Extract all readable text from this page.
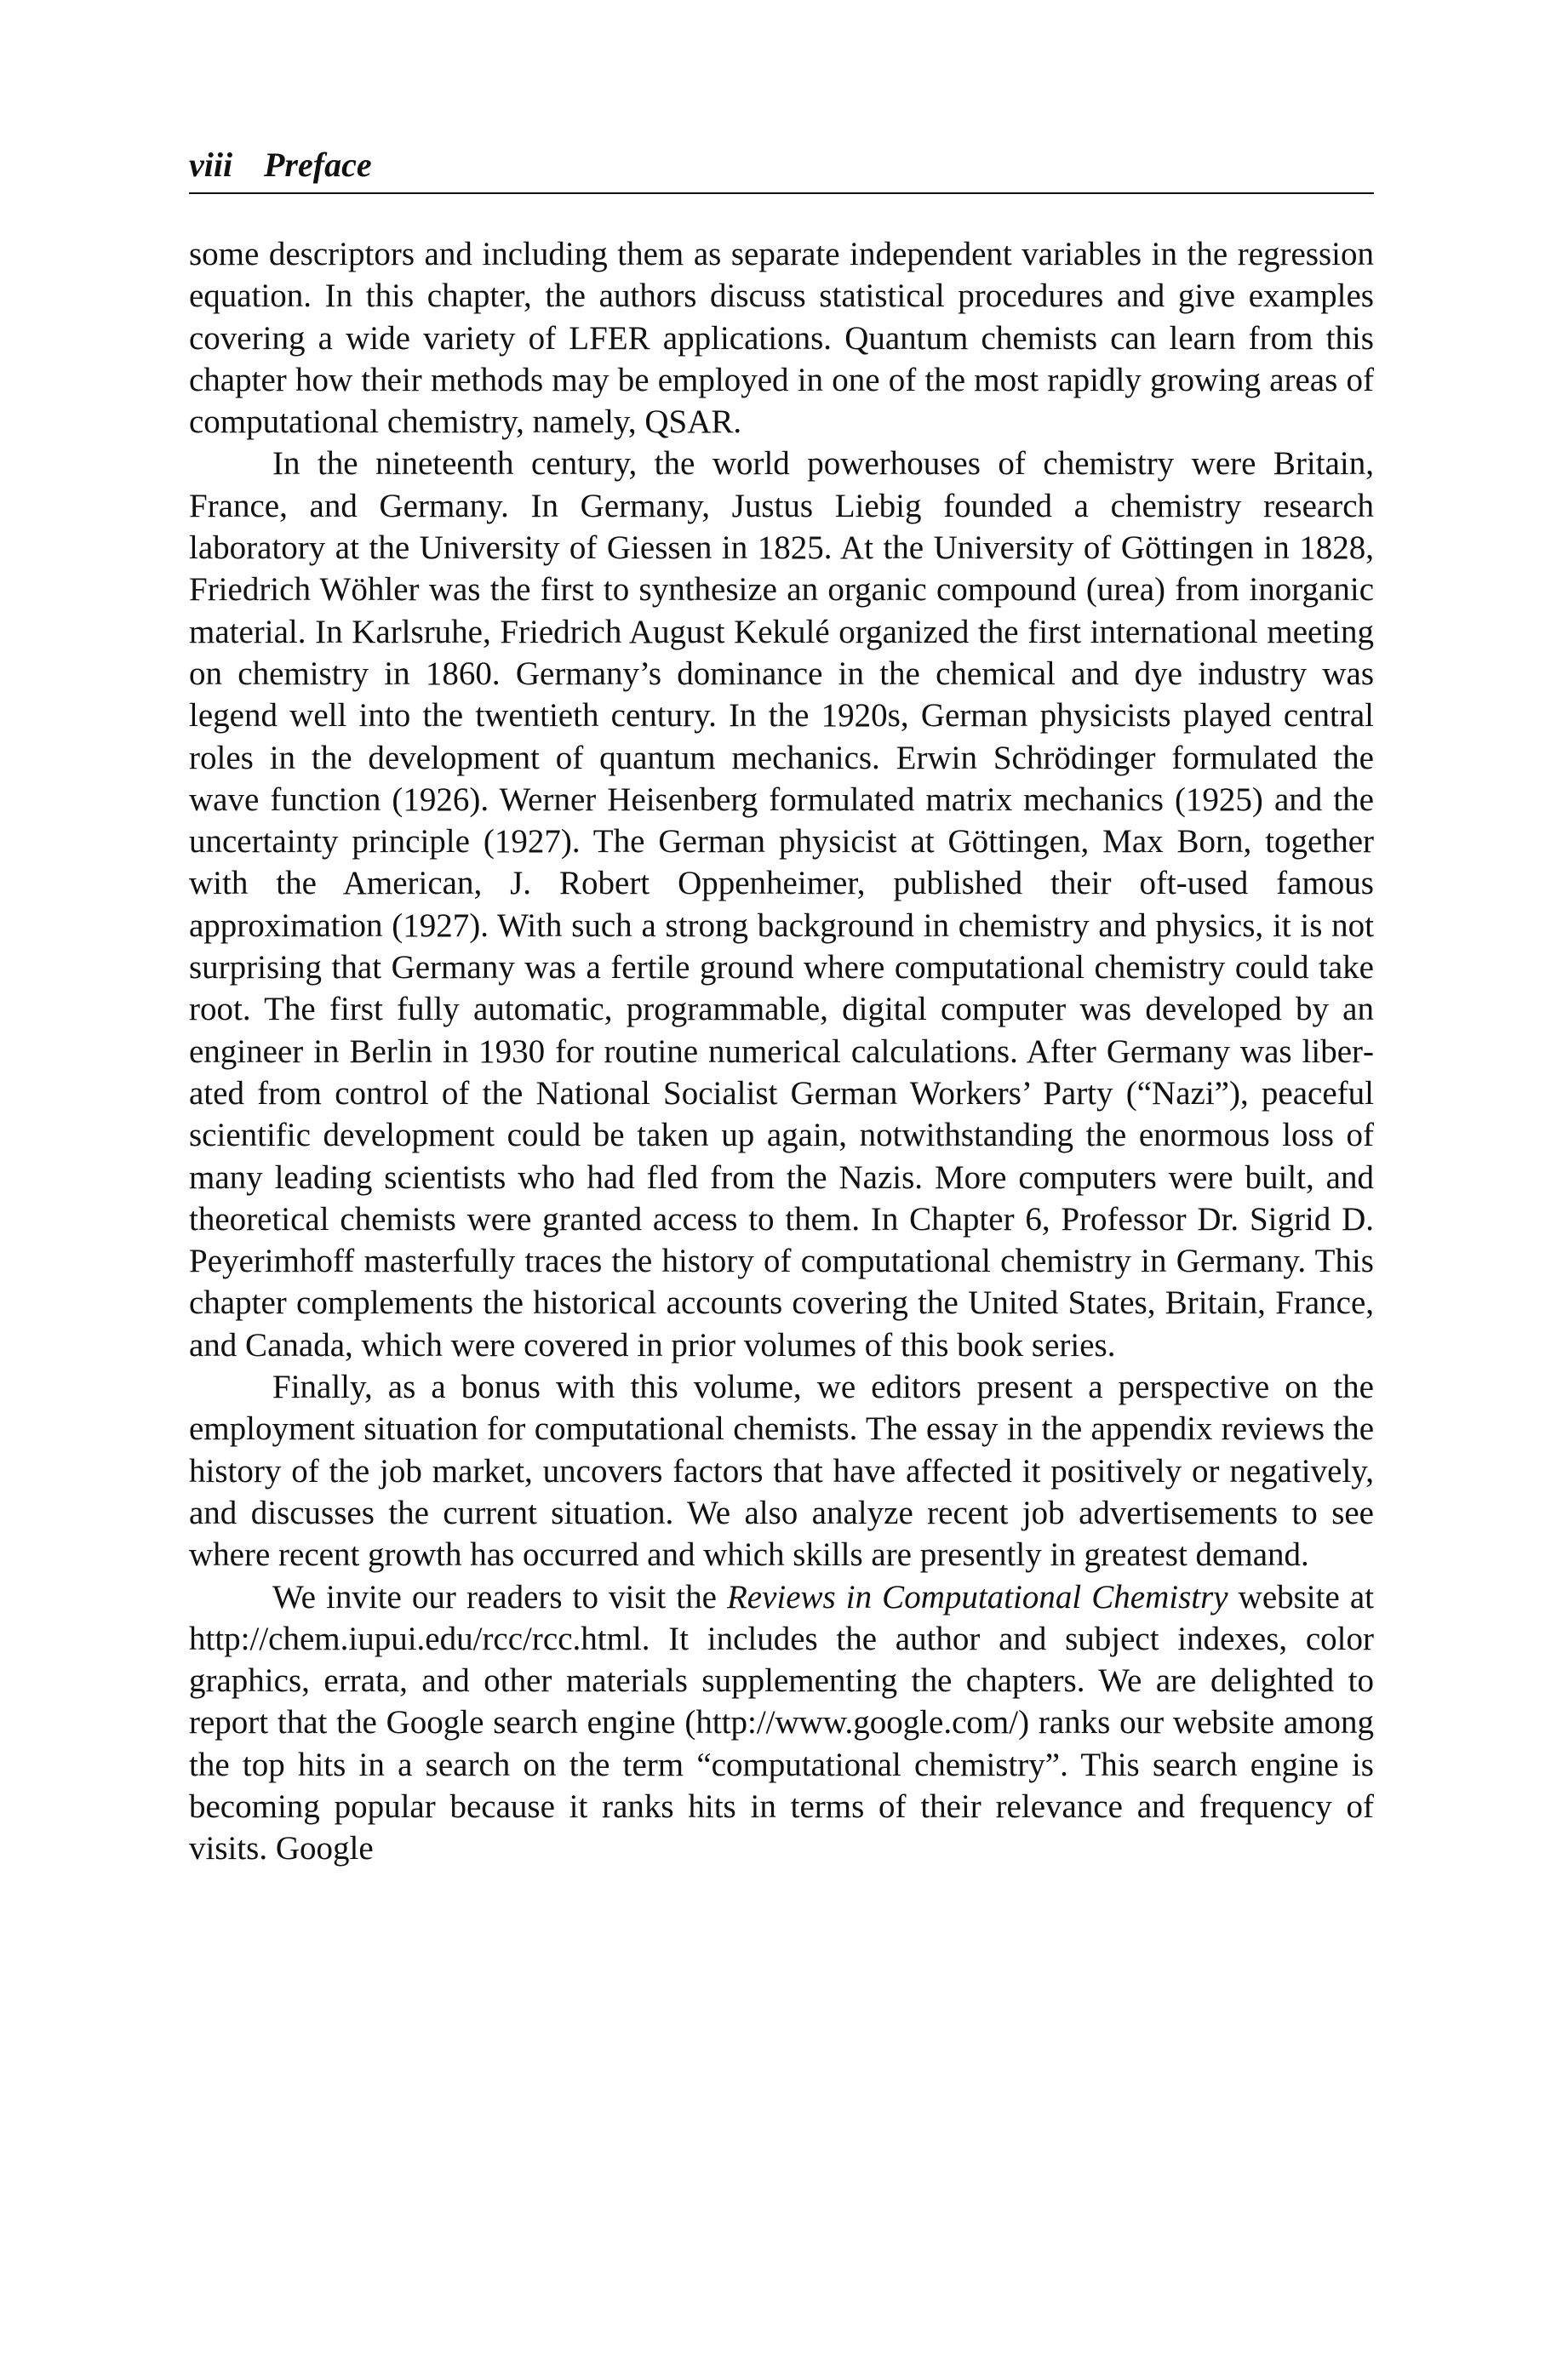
viii Preface

some descriptors and including them as separate independent variables in the regression equation. In this chapter, the authors discuss statistical procedures and give examples covering a wide variety of LFER applications. Quantum chemists can learn from this chapter how their methods may be employed in one of the most rapidly growing areas of computational chemistry, namely, QSAR.

In the nineteenth century, the world powerhouses of chemistry were Britain, France, and Germany. In Germany, Justus Liebig founded a chemistry research laboratory at the University of Giessen in 1825. At the University of Göttingen in 1828, Friedrich Wöhler was the first to synthesize an organic compound (urea) from inorganic material. In Karlsruhe, Friedrich August Kekulé organized the first international meeting on chemistry in 1860. Germany’s dominance in the chemical and dye industry was legend well into the twentieth century. In the 1920s, German physicists played central roles in the development of quantum mechanics. Erwin Schrödinger formulated the wave function (1926). Werner Heisenberg formulated matrix mechanics (1925) and the uncertainty principle (1927). The German physicist at Göttingen, Max Born, together with the American, J. Robert Oppenheimer, published their oft-used famous approximation (1927). With such a strong background in chemistry and physics, it is not surprising that Germany was a fertile ground where computational chemistry could take root. The first fully automatic, programmable, digital computer was developed by an engineer in Berlin in 1930 for routine numerical calculations. After Germany was liberated from control of the National Socialist German Workers’ Party (“Nazi”), peaceful scientific development could be taken up again, notwithstanding the enormous loss of many leading scientists who had fled from the Nazis. More computers were built, and theoretical chemists were granted access to them. In Chapter 6, Professor Dr. Sigrid D. Peyerimhoff masterfully traces the history of computational chemistry in Germany. This chapter complements the historical accounts covering the United States, Britain, France, and Canada, which were covered in prior volumes of this book series.

Finally, as a bonus with this volume, we editors present a perspective on the employment situation for computational chemists. The essay in the appendix reviews the history of the job market, uncovers factors that have affected it positively or negatively, and discusses the current situation. We also analyze recent job advertisements to see where recent growth has occurred and which skills are presently in greatest demand.

We invite our readers to visit the Reviews in Computational Chemistry website at http://chem.iupui.edu/rcc/rcc.html. It includes the author and subject indexes, color graphics, errata, and other materials supplementing the chapters. We are delighted to report that the Google search engine (http://​www.google.com/) ranks our website among the top hits in a search on the term “computational chemistry”. This search engine is becoming popular because it ranks hits in terms of their relevance and frequency of visits. Google
